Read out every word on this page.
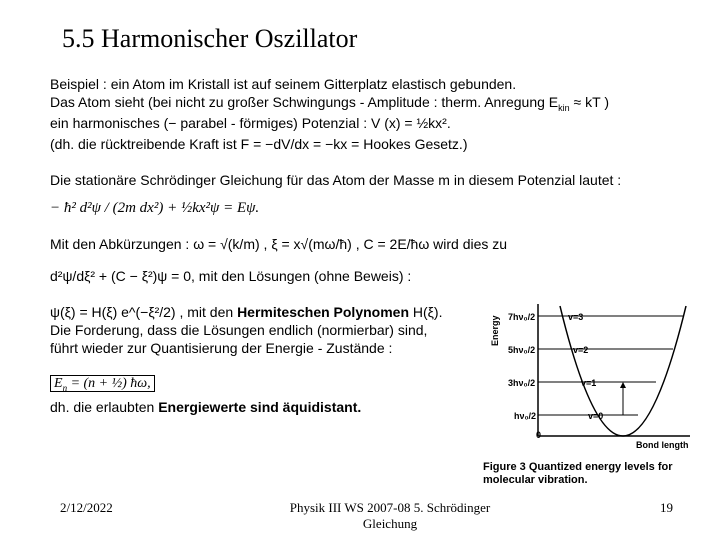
5.5 Harmonischer Oszillator
Beispiel : ein Atom im Kristall ist auf seinem Gitterplatz elastisch gebunden.
Das Atom sieht (bei nicht zu großer Schwingungs - Amplitude : therm. Anregung $E_{kin}$ ≈ kT )
ein harmonisches (− parabel - förmiges) Potenzial : V (x) = ½kx².
(dh. die rücktreibende Kraft ist F = −dV/dx = −kx = Hookes Gesetz.)
Die stationäre Schrödinger Gleichung für das Atom der Masse m in diesem Potenzial lautet :
− ħ² d²ψ / (2m dx²) + ½kx²ψ = Eψ.
Mit den Abkürzungen : ω = √(k/m) , ξ = x√(mω/ħ) , C = 2E/ħω wird dies zu
d²ψ/dξ² + (C − ξ²)ψ = 0, mit den Lösungen (ohne Beweis) :
ψ(ξ) = H(ξ) e^(−ξ²/2) , mit den Hermiteschen Polynomen H(ξ).
Die Forderung, dass die Lösungen endlich (normierbar) sind,
führt wieder zur Quantisierung der Energie - Zustände :
$E_n = (n$ + ½) ħω,
dh. die erlaubten Energiewerte sind äquidistant.
Energy 7hν₀/2
5hν₀/2
3hν₀/2
hν₀/2
v=3
v=2
v=1
v=0
0
Bond length
Figure 3 Quantized energy levels for molecular vibration.
2/12/2022	Physik III WS 2007-08 5. Schrödinger Gleichung
19
